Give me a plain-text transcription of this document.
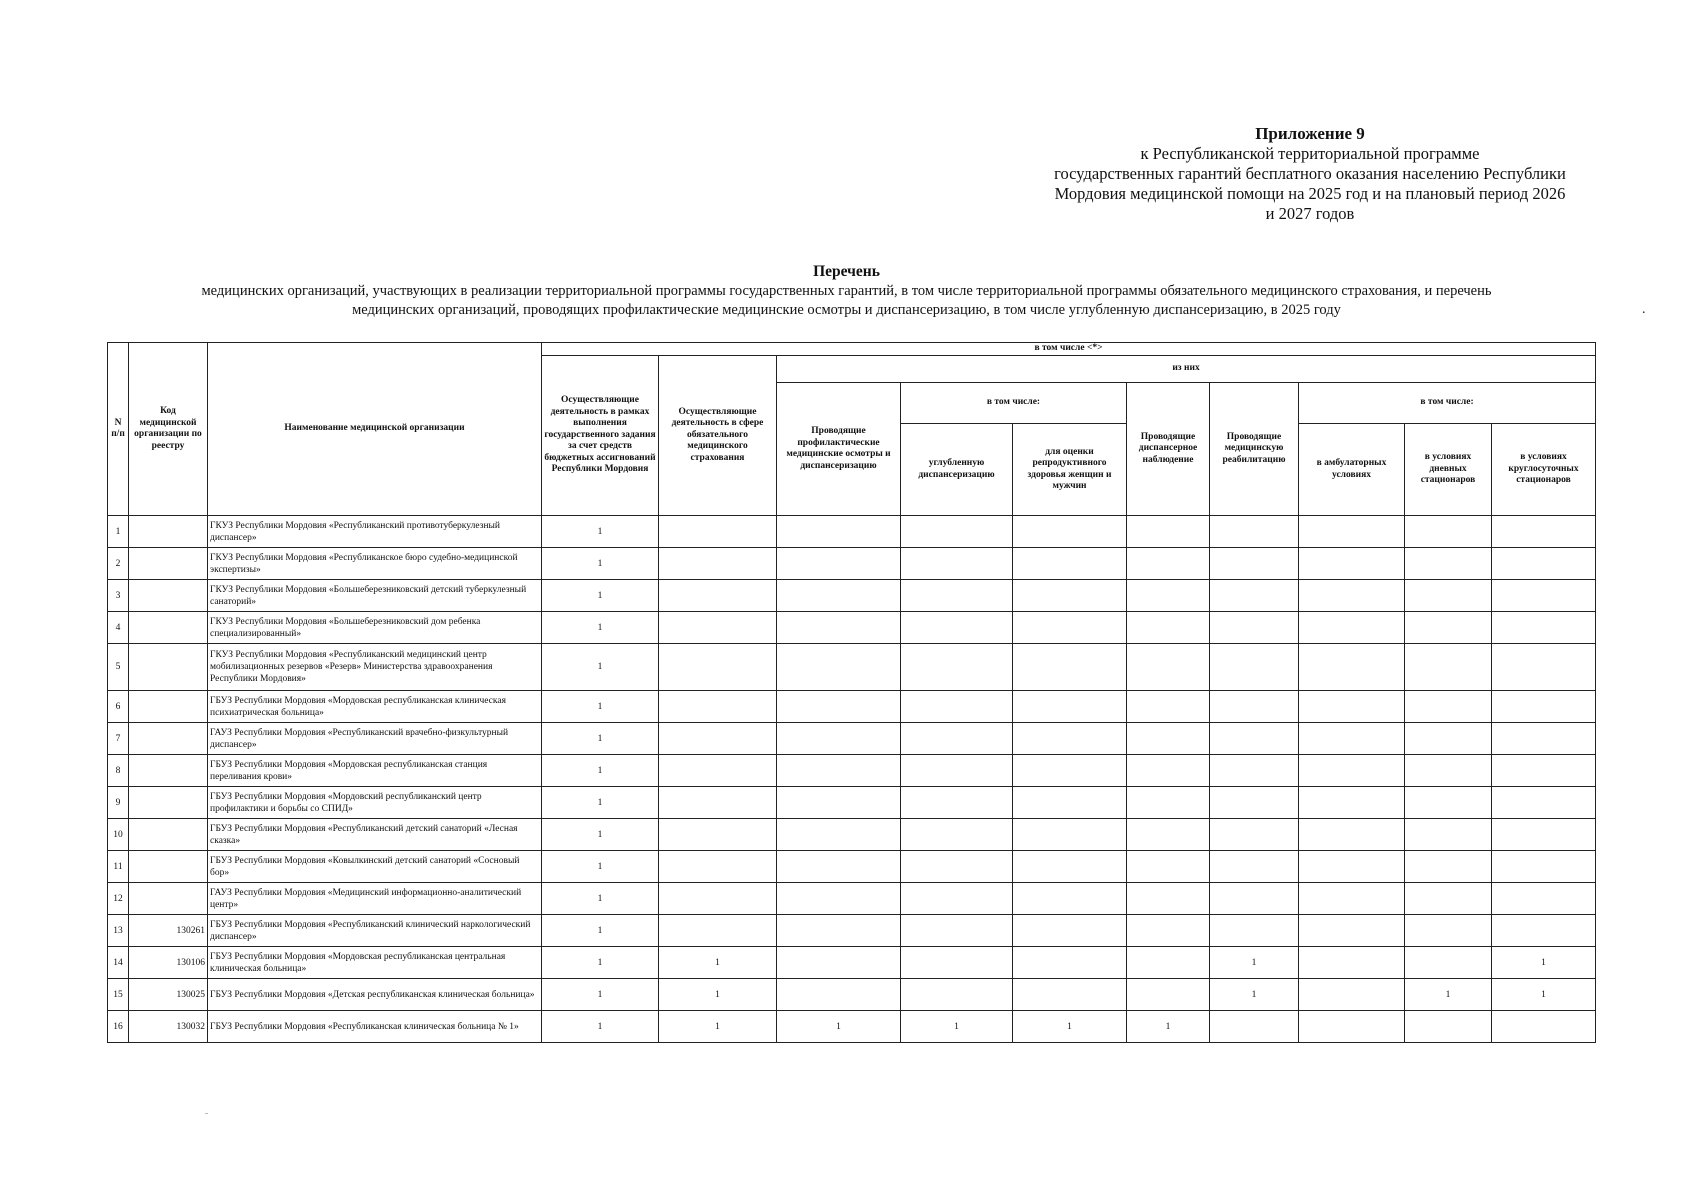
Приложение 9
к Республиканской территориальной программе
государственных гарантий бесплатного оказания населению Республики
Мордовия медицинской помощи на 2025 год и на плановый период 2026
и 2027 годов
Перечень
медицинских организаций, участвующих в реализации территориальной программы государственных гарантий, в том числе территориальной программы обязательного медицинского страхования, и перечень
медицинских организаций, проводящих профилактические медицинские осмотры и диспансеризацию, в том числе углубленную диспансеризацию, в 2025 году	.
N п/п	Код медицинской организации по реестру	Наименование медицинской организации	в том числе <*>									
			Осуществляющие деятельность в рамках выполнения государственного задания за счет средств бюджетных ассигнований Республики Мордовия	Осуществляющие деятельность в сфере обязательного медицинского страхования	из них							
					Проводящие профилактические медицинские осмотры и диспансеризацию	в том числе:		Проводящие диспансерное наблюдение	Проводящие медицинскую реабилитацию	в том числе:		
						углубленную диспансеризацию	для оценки репродуктивного здоровья женщин и мужчин			в амбулаторных условиях	в условиях дневных стационаров	в условиях круглосуточных стационаров
1		ГКУЗ Республики Мордовия «Республиканский противотуберкулезный диспансер»	1									
2		ГКУЗ Республики Мордовия «Республиканское бюро судебно-медицинской экспертизы»	1									
3		ГКУЗ Республики Мордовия «Большеберезниковский детский туберкулезный санаторий»	1									
4		ГКУЗ Республики Мордовия «Большеберезниковский дом ребенка специализированный»	1									
5		ГКУЗ Республики Мордовия «Республиканский медицинский центр мобилизационных резервов «Резерв» Министерства здравоохранения Республики Мордовия»	1									
6		ГБУЗ Республики Мордовия «Мордовская республиканская клиническая психиатрическая больница»	1									
7		ГАУЗ Республики Мордовия «Республиканский врачебно-физкультурный диспансер»	1									
8		ГБУЗ Республики Мордовия «Мордовская республиканская станция переливания крови»	1									
9		ГБУЗ Республики Мордовия «Мордовский республиканский центр профилактики и борьбы со СПИД»	1									
10		ГБУЗ Республики Мордовия «Республиканский детский санаторий «Лесная сказка»	1									
11		ГБУЗ Республики Мордовия «Ковылкинский детский санаторий «Сосновый бор»	1									
12		ГАУЗ Республики Мордовия «Медицинский информационно-аналитический центр»	1									
13	130261	ГБУЗ Республики Мордовия «Республиканский клинический наркологический диспансер»	1									
14	130106	ГБУЗ Республики Мордовия «Мордовская республиканская центральная клиническая больница»	1	1					1			1
15	130025	ГБУЗ Республики Мордовия «Детская республиканская клиническая больница»	1	1					1		1	1
16	130032	ГБУЗ Республики Мордовия «Республиканская клиническая больница № 1»	1	1	1	1	1	1				
